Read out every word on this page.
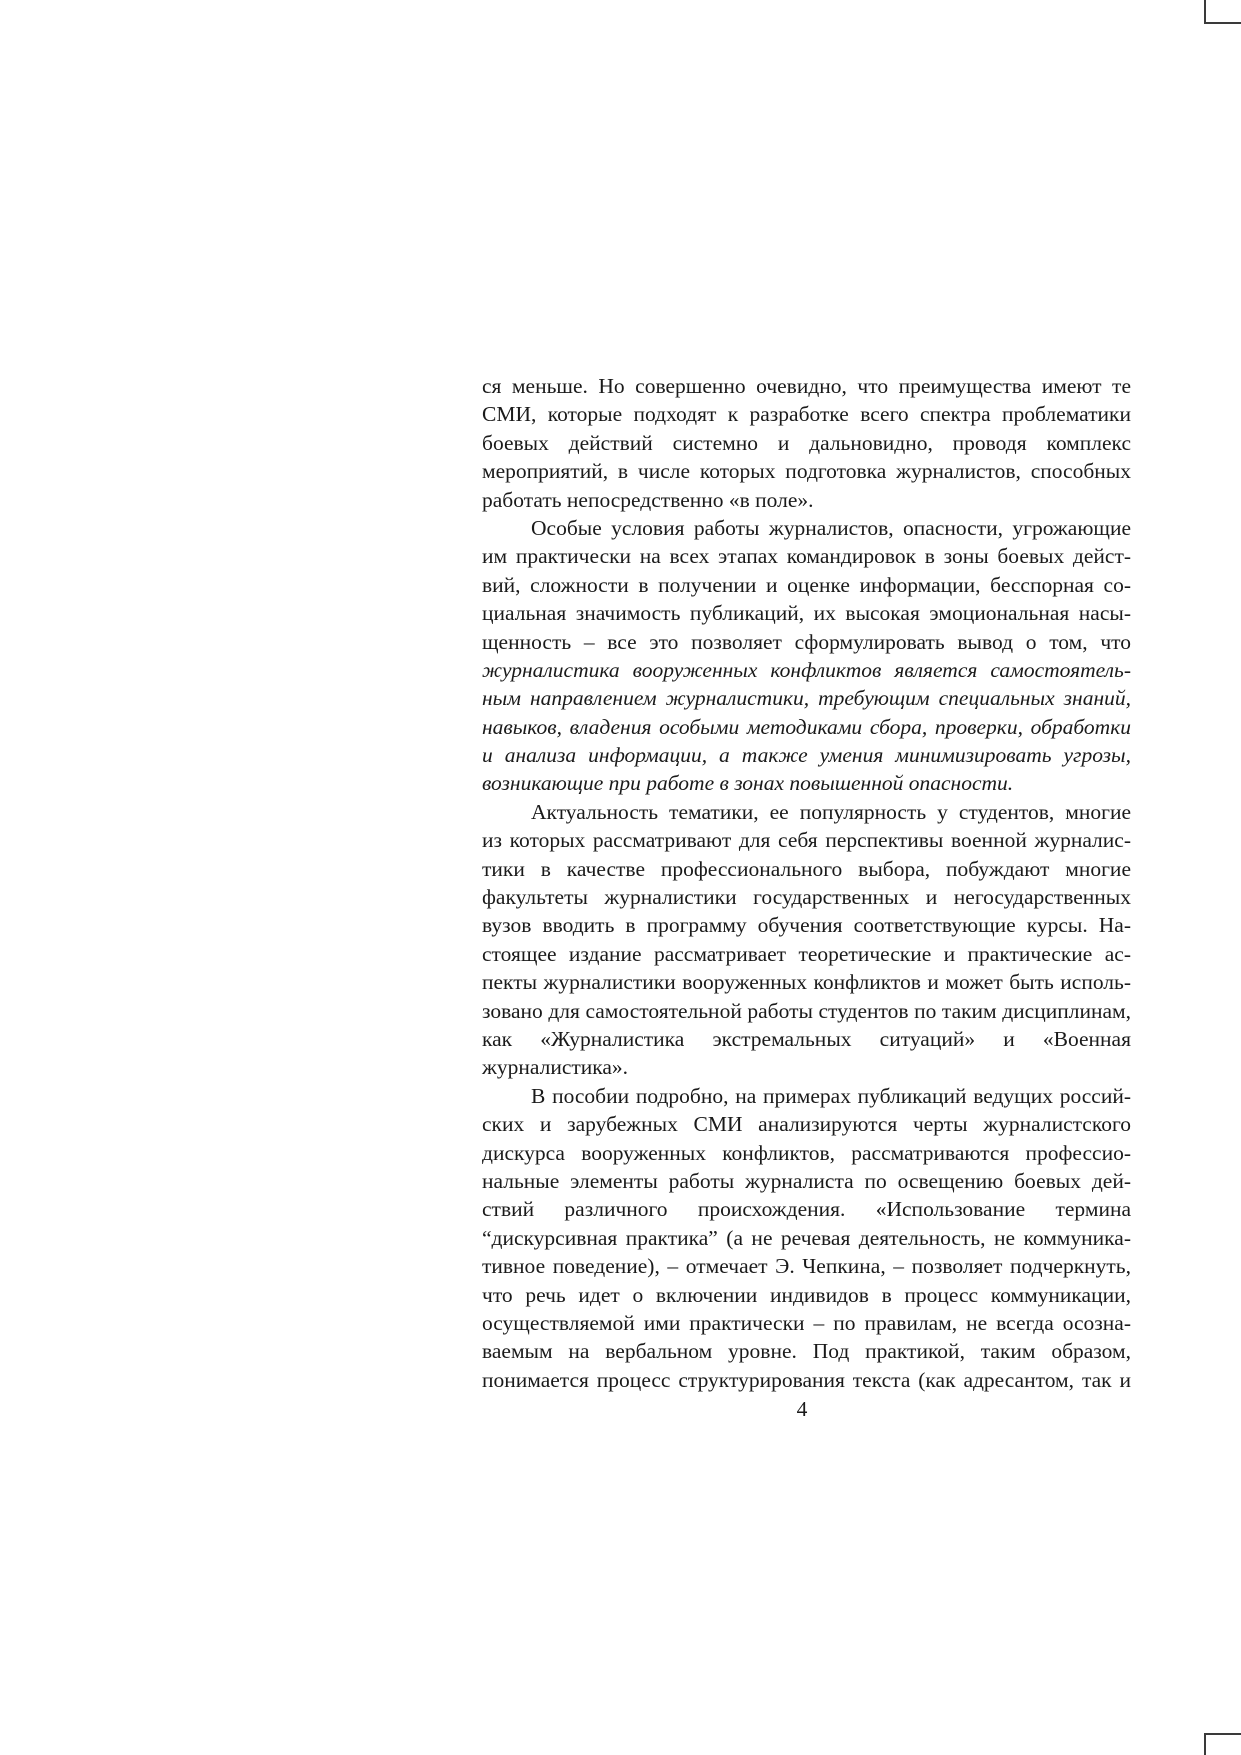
ся меньше. Но совершенно очевидно, что преимущества имеют те
СМИ, которые подходят к разработке всего спектра проблематики
боевых действий системно и дальновидно, проводя комплекс
мероприятий, в числе которых подготовка журналистов, способных
работать непосредственно «в поле».
Особые условия работы журналистов, опасности, угрожающие
им практически на всех этапах командировок в зоны боевых дейст-
вий, сложности в получении и оценке информации, бесспорная со-
циальная значимость публикаций, их высокая эмоциональная насы-
щенность – все это позволяет сформулировать вывод о том, что
журналистика вооруженных конфликтов является самостоятель-
ным направлением журналистики, требующим специальных знаний,
навыков, владения особыми методиками сбора, проверки, обработки
и анализа информации, а также умения минимизировать угрозы,
возникающие при работе в зонах повышенной опасности.
Актуальность тематики, ее популярность у студентов, многие
из которых рассматривают для себя перспективы военной журналис-
тики в качестве профессионального выбора, побуждают многие
факультеты журналистики государственных и негосударственных
вузов вводить в программу обучения соответствующие курсы. На-
стоящее издание рассматривает теоретические и практические ас-
пекты журналистики вооруженных конфликтов и может быть исполь-
зовано для самостоятельной работы студентов по таким дисциплинам,
как «Журналистика экстремальных ситуаций» и «Военная
журналистика».
В пособии подробно, на примерах публикаций ведущих россий-
ских и зарубежных СМИ анализируются черты журналистского
дискурса вооруженных конфликтов, рассматриваются профессио-
нальные элементы работы журналиста по освещению боевых дей-
ствий различного происхождения. «Использование термина
“дискурсивная практика” (а не речевая деятельность, не коммуника-
тивное поведение), – отмечает Э. Чепкина, – позволяет подчеркнуть,
что речь идет о включении индивидов в процесс коммуникации,
осуществляемой ими практически – по правилам, не всегда осозна-
ваемым на вербальном уровне. Под практикой, таким образом,
понимается процесс структурирования текста (как адресантом, так и
4
